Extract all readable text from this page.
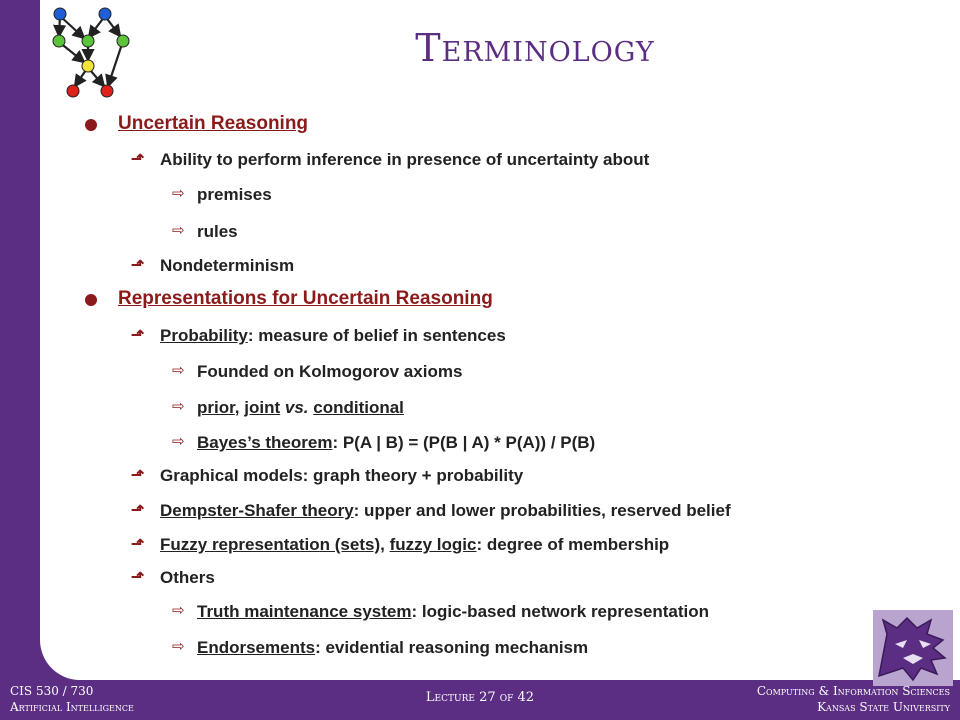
Terminology
Uncertain Reasoning
⬏ Ability to perform inference in presence of uncertainty about
⇨ premises
⇨ rules
⬏ Nondeterminism
Representations for Uncertain Reasoning
⬏ Probability: measure of belief in sentences
⇨ Founded on Kolmogorov axioms
⇨ prior, joint vs. conditional
⇨ Bayes’s theorem: P(A | B) = (P(B | A) * P(A)) / P(B)
⬏ Graphical models: graph theory + probability
⬏ Dempster-Shafer theory: upper and lower probabilities, reserved belief
⬏ Fuzzy representation (sets), fuzzy logic: degree of membership
⬏ Others
⇨ Truth maintenance system: logic-based network representation
⇨ Endorsements: evidential reasoning mechanism
CIS 530 / 730
Artificial Intelligence
Lecture 27 of 42	Computing & Information Sciences
Kansas State University
